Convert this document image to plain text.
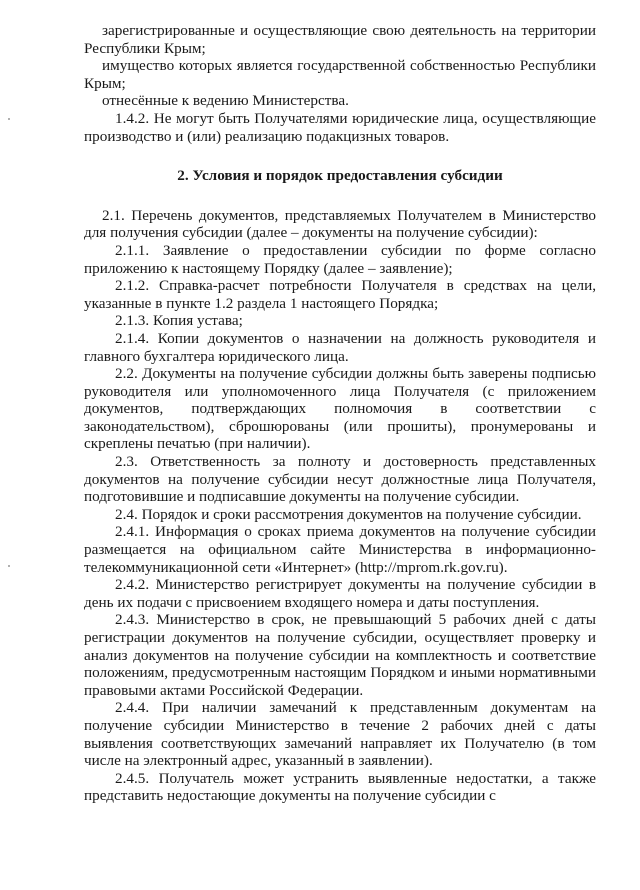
зарегистрированные и осуществляющие свою деятельность на территории Республики Крым;

имущество которых является государственной собственностью Республики Крым;

отнесённые к ведению Министерства.

1.4.2. Не могут быть Получателями юридические лица, осуществляющие производство и (или) реализацию подакцизных товаров.

2. Условия и порядок предоставления субсидии

2.1. Перечень документов, представляемых Получателем в Министерство для получения субсидии (далее – документы на получение субсидии):

2.1.1. Заявление о предоставлении субсидии по форме согласно приложению к настоящему Порядку (далее – заявление);

2.1.2. Справка-расчет потребности Получателя в средствах на цели, указанные в пункте 1.2 раздела 1 настоящего Порядка;

2.1.3. Копия устава;

2.1.4. Копии документов о назначении на должность руководителя и главного бухгалтера юридического лица.

2.2. Документы на получение субсидии должны быть заверены подписью руководителя или уполномоченного лица Получателя (с приложением документов, подтверждающих полномочия в соответствии с законодательством), сброшюрованы (или прошиты), пронумерованы и скреплены печатью (при наличии).

2.3. Ответственность за полноту и достоверность представленных документов на получение субсидии несут должностные лица Получателя, подготовившие и подписавшие документы на получение субсидии.

2.4. Порядок и сроки рассмотрения документов на получение субсидии.

2.4.1. Информация о сроках приема документов на получение субсидии размещается на официальном сайте Министерства в информационно-телекоммуникационной сети «Интернет» (http://mprom.rk.gov.ru).

2.4.2. Министерство регистрирует документы на получение субсидии в день их подачи с присвоением входящего номера и даты поступления.

2.4.3. Министерство в срок, не превышающий 5 рабочих дней с даты регистрации документов на получение субсидии, осуществляет проверку и анализ документов на получение субсидии на комплектность и соответствие положениям, предусмотренным настоящим Порядком и иными нормативными правовыми актами Российской Федерации.

2.4.4. При наличии замечаний к представленным документам на получение субсидии Министерство в течение 2 рабочих дней с даты выявления соответствующих замечаний направляет их Получателю (в том числе на электронный адрес, указанный в заявлении).

2.4.5. Получатель может устранить выявленные недостатки, а также представить недостающие документы на получение субсидии с
